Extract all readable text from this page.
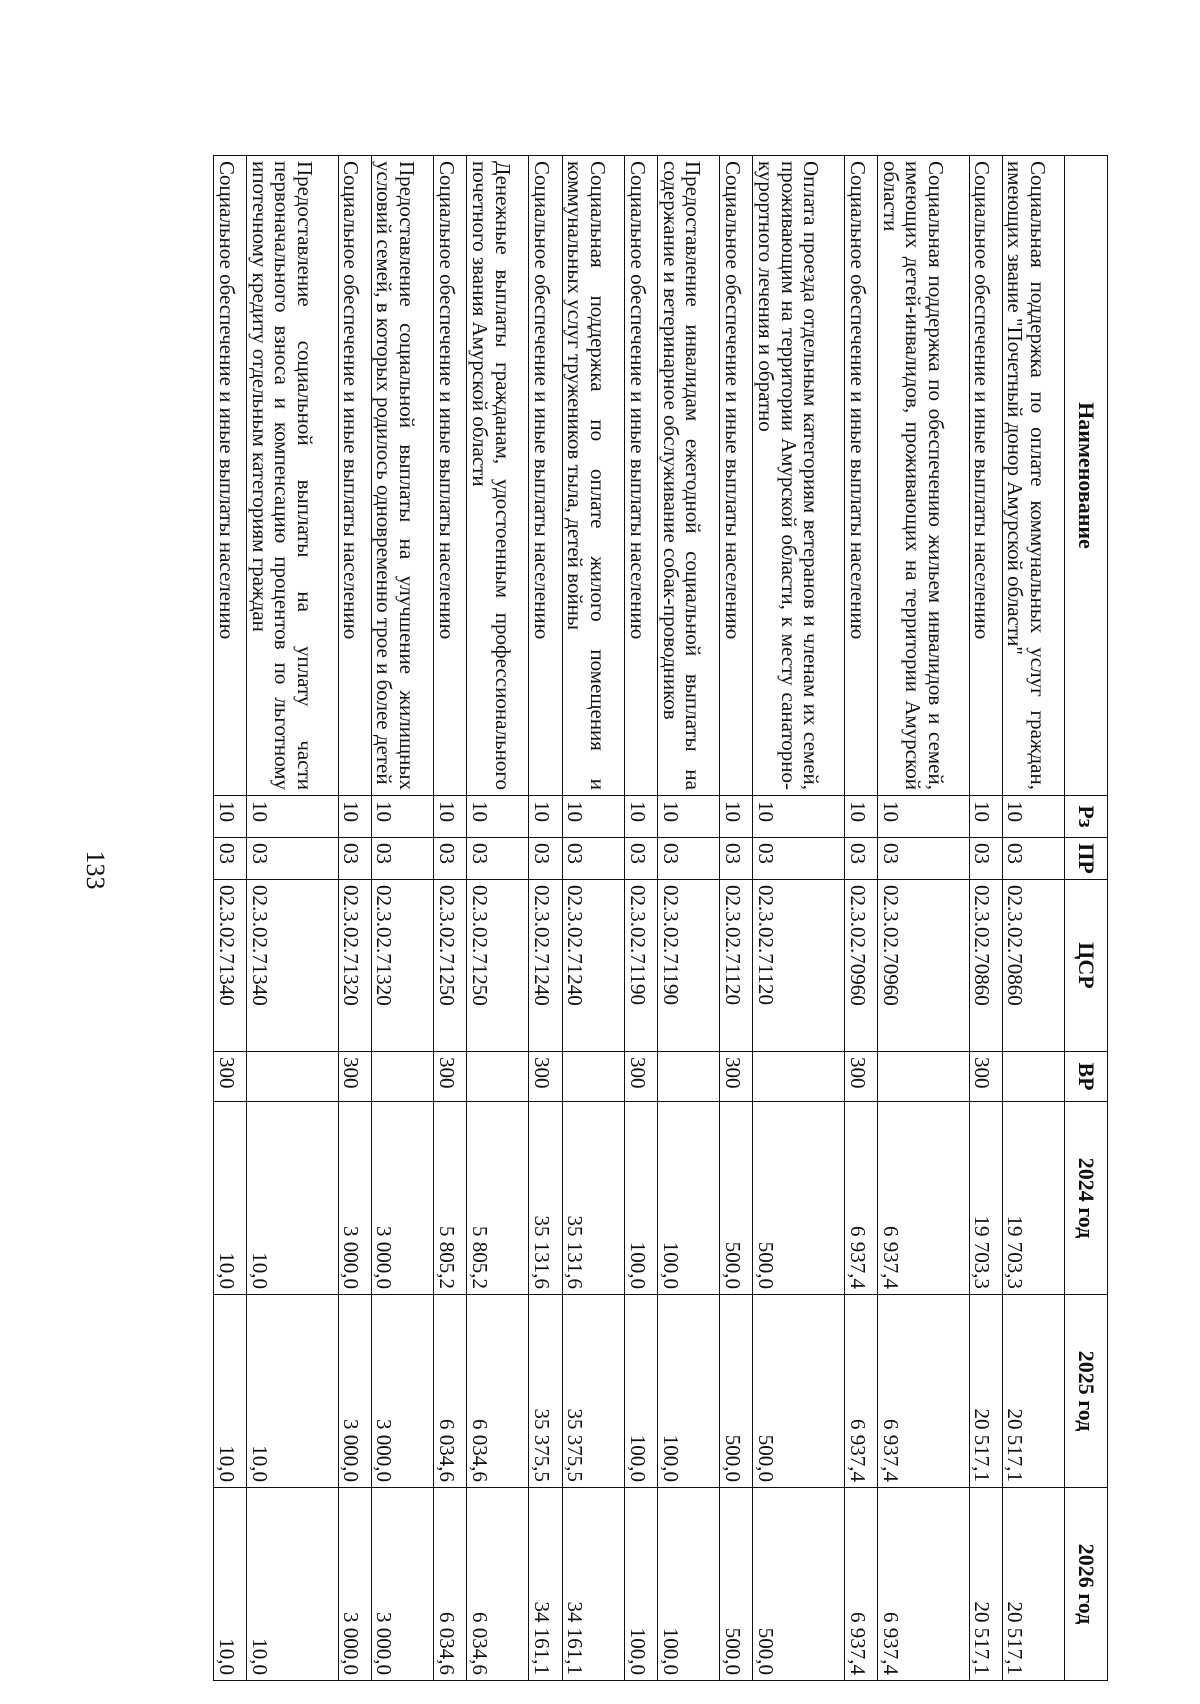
133
Наименование	Рз	ПР	ЦСР	ВР	2024 год	2025 год	2026 год
Социальная поддержка по оплате коммунальных услуг граждан, имеющих звание "Почетный донор Амурской области"	10	03	02.3.02.70860		19 703,3	20 517,1	20 517,1
Социальное обеспечение и иные выплаты населению	10	03	02.3.02.70860	300	19 703,3	20 517,1	20 517,1
Социальная поддержка по обеспечению жильем инвалидов и семей, имеющих детей-инвалидов, проживающих на территории Амурской области	10	03	02.3.02.70960		6 937,4	6 937,4	6 937,4
Социальное обеспечение и иные выплаты населению	10	03	02.3.02.70960	300	6 937,4	6 937,4	6 937,4
Оплата проезда отдельным категориям ветеранов и членам их семей, проживающим на территории Амурской области, к месту санаторно-курортного лечения и обратно	10	03	02.3.02.71120		500,0	500,0	500,0
Социальное обеспечение и иные выплаты населению	10	03	02.3.02.71120	300	500,0	500,0	500,0
Предоставление инвалидам ежегодной социальной выплаты на содержание и ветеринарное обслуживание собак-проводников	10	03	02.3.02.71190		100,0	100,0	100,0
Социальное обеспечение и иные выплаты населению	10	03	02.3.02.71190	300	100,0	100,0	100,0
Социальная поддержка по оплате жилого помещения и коммунальных услуг тружеников тыла, детей войны	10	03	02.3.02.71240		35 131,6	35 375,5	34 161,1
Социальное обеспечение и иные выплаты населению	10	03	02.3.02.71240	300	35 131,6	35 375,5	34 161,1
Денежные выплаты гражданам, удостоенным профессионального почетного звания Амурской области	10	03	02.3.02.71250		5 805,2	6 034,6	6 034,6
Социальное обеспечение и иные выплаты населению	10	03	02.3.02.71250	300	5 805,2	6 034,6	6 034,6
Предоставление социальной выплаты на улучшение жилищных условий семей, в которых родилось одновременно трое и более детей	10	03	02.3.02.71320		3 000,0	3 000,0	3 000,0
Социальное обеспечение и иные выплаты населению	10	03	02.3.02.71320	300	3 000,0	3 000,0	3 000,0
Предоставление социальной выплаты на уплату части первоначального взноса и компенсацию процентов по льготному ипотечному кредиту отдельным категориям граждан	10	03	02.3.02.71340		10,0	10,0	10,0
Социальное обеспечение и иные выплаты населению	10	03	02.3.02.71340	300	10,0	10,0	10,0
